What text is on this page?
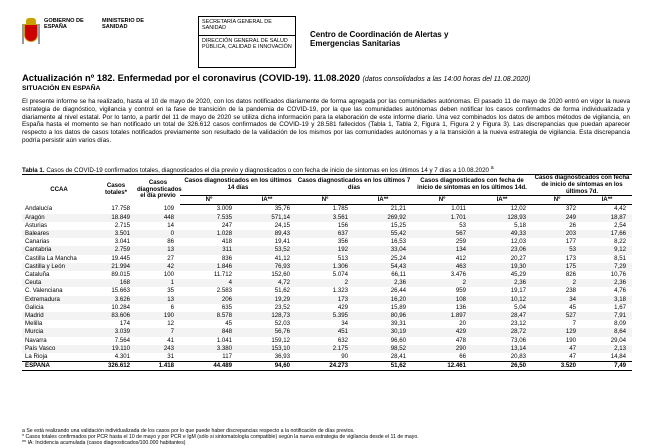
GOBIERNO DE ESPAÑA
MINISTERIO DE SANIDAD
SECRETARÍA GENERAL DE SANIDAD
DIRECCIÓN GENERAL DE SALUD PÚBLICA, CALIDAD E INNOVACIÓN
Centro de Coordinación de Alertas y Emergencias Sanitarias
Actualización nº 182. Enfermedad por el coronavirus (COVID-19). 11.08.2020 (datos consolidados a las 14:00 horas del 11.08.2020)
SITUACIÓN EN ESPAÑA
El presente informe se ha realizado, hasta el 10 de mayo de 2020, con los datos notificados diariamente de forma agregada por las comunidades autónomas. El pasado 11 de mayo de 2020 entró en vigor la nueva estrategia de diagnóstico, vigilancia y control en la fase de transición de la pandemia de COVID-19, por la que las comunidades autónomas deben notificar los casos confirmados de forma individualizada y diariamente al nivel estatal. Por lo tanto, a partir del 11 de mayo de 2020 se utiliza dicha información para la elaboración de este informe diario. Una vez combinados los datos de ambos métodos de vigilancia, en España hasta el momento se han notificado un total de 326.612 casos confirmados de COVID-19 y 28.581 fallecidos (Tabla 1, Tabla 2, Figura 1, Figura 2 y Figura 3). Las discrepancias que puedan aparecer respecto a los datos de casos totales notificados previamente son resultado de la validación de los mismos por las comunidades autónomas y a la transición a la nueva estrategia de vigilancia. Esta discrepancia podría persistir aún varios días.
Tabla 1. Casos de COVID-19 confirmados totales, diagnosticados el día previo y diagnosticados o con fecha de inicio de síntomas en los últimos 14 y 7 días a 10.08.2020 $^a$
CCAA	Casos totales*	Casos diagnosticados el día previo	Casos diagnosticados en los últimos 14 días		Casos diagnosticados en los últimos 7 días		Casos diagnosticados con fecha de inicio de síntomas en los últimos 14d.		Casos diagnosticados con fecha de inicio de síntomas en los últimos 7d.	
			Nº	IA**	Nº	IA**	Nº	IA**	Nº	IA**
Andalucía	17.758	109	3.009	35,76	1.785	21,21	1.011	12,02	372	4,42
Aragón	18.849	448	7.535	571,14	3.561	269,92	1.701	128,93	249	18,87
Asturias	2.715	14	247	24,15	156	15,25	53	5,18	26	2,54
Baleares	3.501	0	1.028	89,43	637	55,42	567	49,33	203	17,66
Canarias	3.041	86	418	19,41	356	16,53	259	12,03	177	8,22
Cantabria	2.759	13	311	53,52	192	33,04	134	23,06	53	9,12
Castilla La Mancha	19.445	27	836	41,12	513	25,24	412	20,27	173	8,51
Castilla y León	21.994	42	1.846	76,93	1.306	54,43	463	19,30	175	7,29
Cataluña	89.015	100	11.712	152,60	5.074	66,11	3.476	45,29	826	10,76
Ceuta	168	1	4	4,72	2	2,36	2	2,36	2	2,36
C. Valenciana	15.663	35	2.583	51,62	1.323	26,44	959	19,17	238	4,76
Extremadura	3.626	13	206	19,29	173	16,20	108	10,12	34	3,18
Galicia	10.284	6	635	23,52	429	15,89	136	5,04	45	1,67
Madrid	83.606	190	8.578	128,73	5.395	80,96	1.897	28,47	527	7,91
Melilla	174	12	45	52,03	34	39,31	20	23,12	7	8,09
Murcia	3.039	7	848	56,76	451	30,19	429	28,72	129	8,64
Navarra	7.564	41	1.041	159,12	632	96,60	478	73,06	190	29,04
País Vasco	19.110	243	3.380	153,10	2.175	98,52	290	13,14	47	2,13
La Rioja	4.301	31	117	36,93	90	28,41	66	20,83	47	14,84
ESPAÑA	326.612	1.418	44.489	94,60	24.273	51,62	12.461	26,50	3.520	7,49
a Se está realizando una validación individualizada de los casos por lo que puede haber discrepancias respecto a la notificación de días previos.
* Casos totales confirmados por PCR hasta el 10 de mayo y por PCR e IgM (sólo si sintomatología compatible) según la nueva estrategia de vigilancia desde el 11 de mayo.
** IA: Incidencia acumulada (casos diagnosticados/100.000 habitantes)
